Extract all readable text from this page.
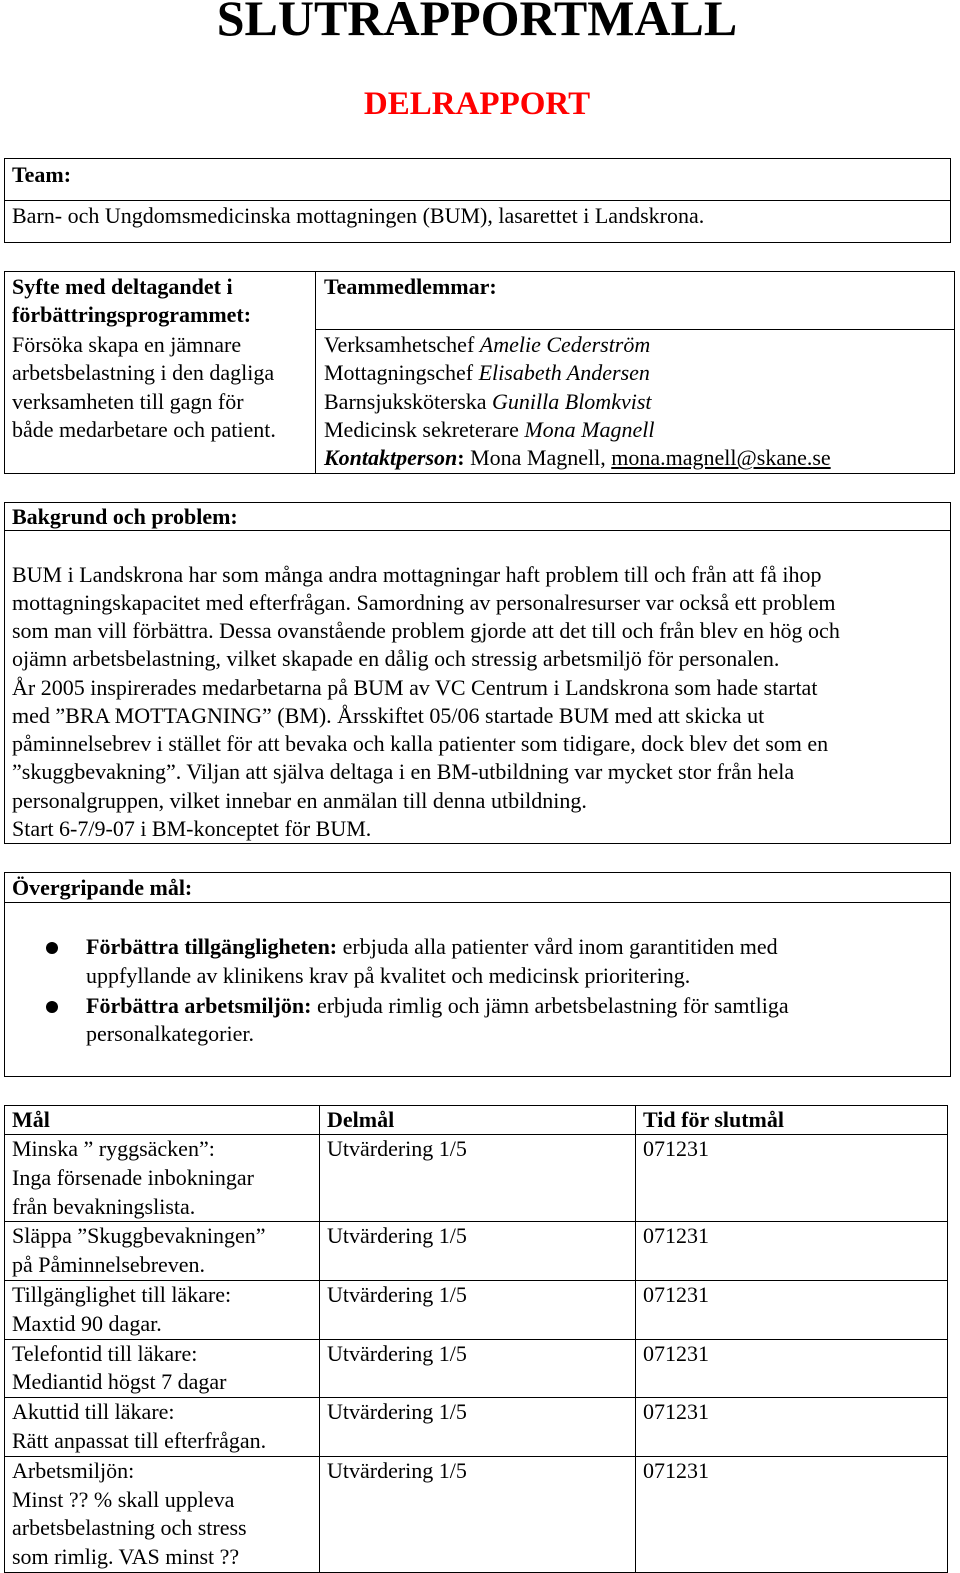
SLUTRAPPORTMALL
DELRAPPORT
Team:
Barn- och Ungdomsmedicinska mottagningen (BUM), lasarettet i Landskrona.
Syfte med deltagandet i
förbättringsprogrammet:
Försöka skapa en jämnare
arbetsbelastning i den dagliga
verksamheten till gagn för
både medarbetare och patient.
Teammedlemmar:
Verksamhetschef Amelie Cederström
Mottagningschef Elisabeth Andersen
Barnsjuksköterska Gunilla Blomkvist
Medicinsk sekreterare Mona Magnell
Kontaktperson: Mona Magnell, mona.magnell@skane.se
Bakgrund och problem:
BUM i Landskrona har som många andra mottagningar haft problem till och från att få ihop
mottagningskapacitet med efterfrågan. Samordning av personalresurser var också ett problem
som man vill förbättra. Dessa ovanstående problem gjorde att det till och från blev en hög och
ojämn arbetsbelastning, vilket skapade en dålig och stressig arbetsmiljö för personalen.
År 2005 inspirerades medarbetarna på BUM av VC Centrum i Landskrona som hade startat
med ”BRA MOTTAGNING” (BM). Årsskiftet 05/06 startade BUM med att skicka ut
påminnelsebrev i stället för att bevaka och kalla patienter som tidigare, dock blev det som en
”skuggbevakning”. Viljan att själva deltaga i en BM-utbildning var mycket stor från hela
personalgruppen, vilket innebar en anmälan till denna utbildning.
Start 6-7/9-07 i BM-konceptet för BUM.
Övergripande mål:
Förbättra tillgängligheten: erbjuda alla patienter vård inom garantitiden med
uppfyllande av klinikens krav på kvalitet och medicinsk prioritering.
Förbättra arbetsmiljön: erbjuda rimlig och jämn arbetsbelastning för samtliga
personalkategorier.
Mål	Delmål	Tid för slutmål

Minska ” ryggsäcken”:
Inga försenade inbokningar
från bevakningslista.	Utvärdering 1/5	071231

Släppa ”Skuggbevakningen”
på Påminnelsebreven.	Utvärdering 1/5	071231

Tillgänglighet till läkare:
Maxtid 90 dagar.	Utvärdering 1/5	071231

Telefontid till läkare:
Mediantid högst 7 dagar	Utvärdering 1/5	071231

Akuttid till läkare:
Rätt anpassat till efterfrågan.	Utvärdering 1/5	071231

Arbetsmiljön:
Minst ?? % skall uppleva
arbetsbelastning och stress
som rimlig. VAS minst ??	Utvärdering 1/5	071231
